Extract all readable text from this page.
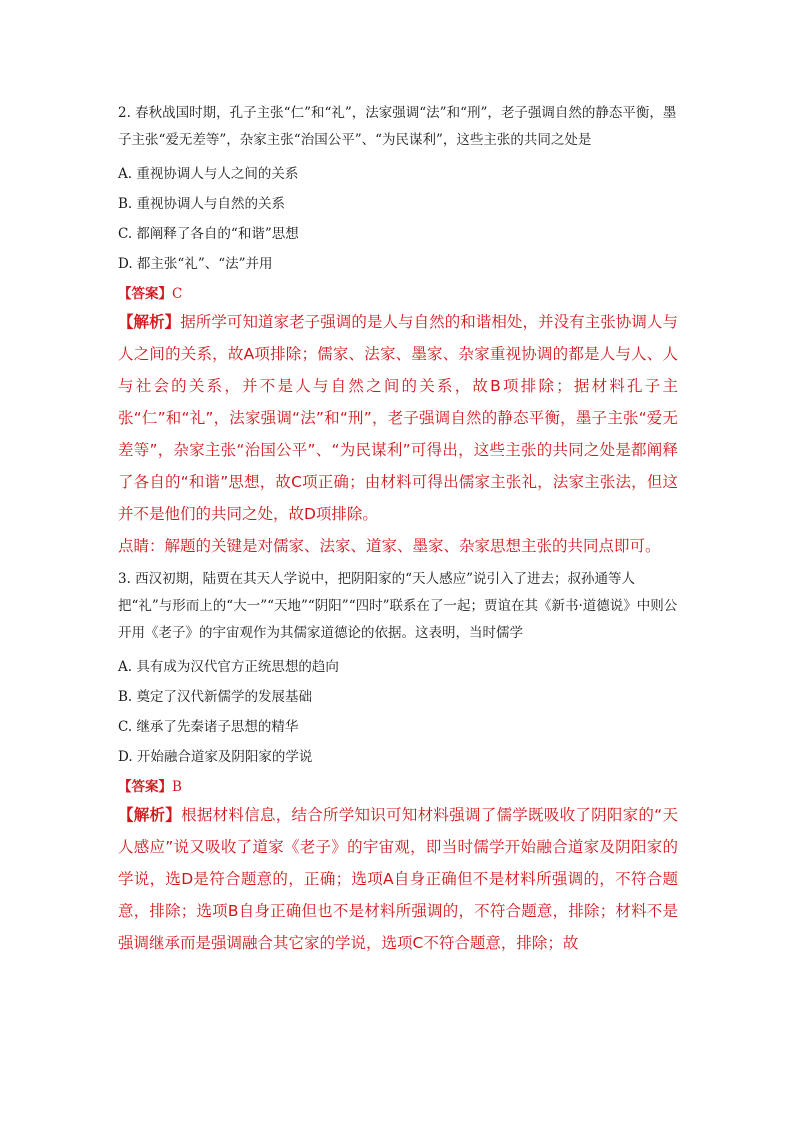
2. 春秋战国时期，孔子主张“仁”和“礼”，法家强调“法”和“刑”，老子强调自然的静态平衡，墨子主张“爱无差等”，杂家主张“治国公平”、“为民谋利”，这些主张的共同之处是

A. 重视协调人与人之间的关系

B. 重视协调人与自然的关系

C. 都阐释了各自的“和谐”思想

D. 都主张“礼”、“法”并用

【答案】C

【解析】据所学可知道家老子强调的是人与自然的和谐相处，并没有主张协调人与人之间的关系，故A项排除；儒家、法家、墨家、杂家重视协调的都是人与人、人与社会的关系，并不是人与自然之间的关系，故B项排除；据材料孔子主张“仁”和“礼”，法家强调“法”和“刑”，老子强调自然的静态平衡，墨子主张“爱无差等”，杂家主张“治国公平”、“为民谋利”可得出，这些主张的共同之处是都阐释了各自的“和谐”思想，故C项正确；由材料可得出儒家主张礼，法家主张法，但这并不是他们的共同之处，故D项排除。

点睛：解题的关键是对儒家、法家、道家、墨家、杂家思想主张的共同点即可。

3. 西汉初期，陆贾在其天人学说中，把阴阳家的“天人感应”说引入了进去；叔孙通等人把“礼”与形而上的“大一”“天地”“阴阳”“四时”联系在了一起；贾谊在其《新书·道德说》中则公开用《老子》的宇宙观作为其儒家道德论的依据。这表明，当时儒学

A. 具有成为汉代官方正统思想的趋向

B. 奠定了汉代新儒学的发展基础

C. 继承了先秦诸子思想的精华

D. 开始融合道家及阴阳家的学说

【答案】B

【解析】根据材料信息，结合所学知识可知材料强调了儒学既吸收了阴阳家的“天人感应”说又吸收了道家《老子》的宇宙观，即当时儒学开始融合道家及阴阳家的学说，选D是符合题意的，正确；选项A自身正确但不是材料所强调的，不符合题意，排除；选项B自身正确但也不是材料所强调的，不符合题意，排除；材料不是强调继承而是强调融合其它家的学说，选项C不符合题意，排除；故
